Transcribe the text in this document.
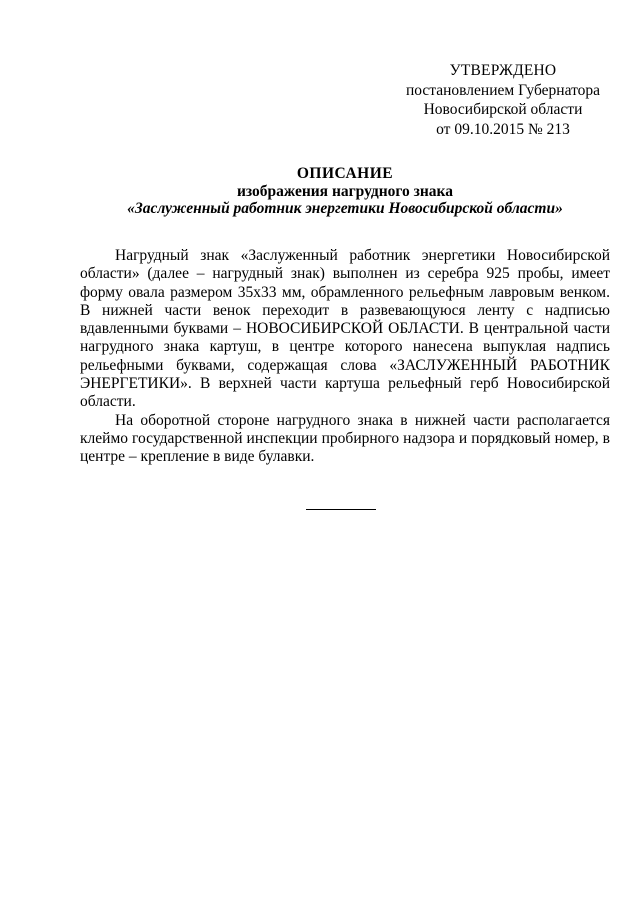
УТВЕРЖДЕНО
постановлением Губернатора
Новосибирской области
от 09.10.2015 № 213
ОПИСАНИЕ
изображения нагрудного знака
«Заслуженный работник энергетики Новосибирской области»

Нагрудный знак «Заслуженный работник энергетики Новосибирской области» (далее – нагрудный знак) выполнен из серебра 925 пробы, имеет форму овала размером 35х33 мм, обрамленного рельефным лавровым венком. В нижней части венок переходит в развевающуюся ленту с надписью вдавленными буквами – НОВОСИБИРСКОЙ ОБЛАСТИ. В центральной части нагрудного знака картуш, в центре которого нанесена выпуклая надпись рельефными буквами, содержащая слова «ЗАСЛУЖЕННЫЙ РАБОТНИК ЭНЕРГЕТИКИ». В верхней части картуша рельефный герб Новосибирской области.

На оборотной стороне нагрудного знака в нижней части располагается клеймо государственной инспекции пробирного надзора и порядковый номер, в центре – крепление в виде булавки.
